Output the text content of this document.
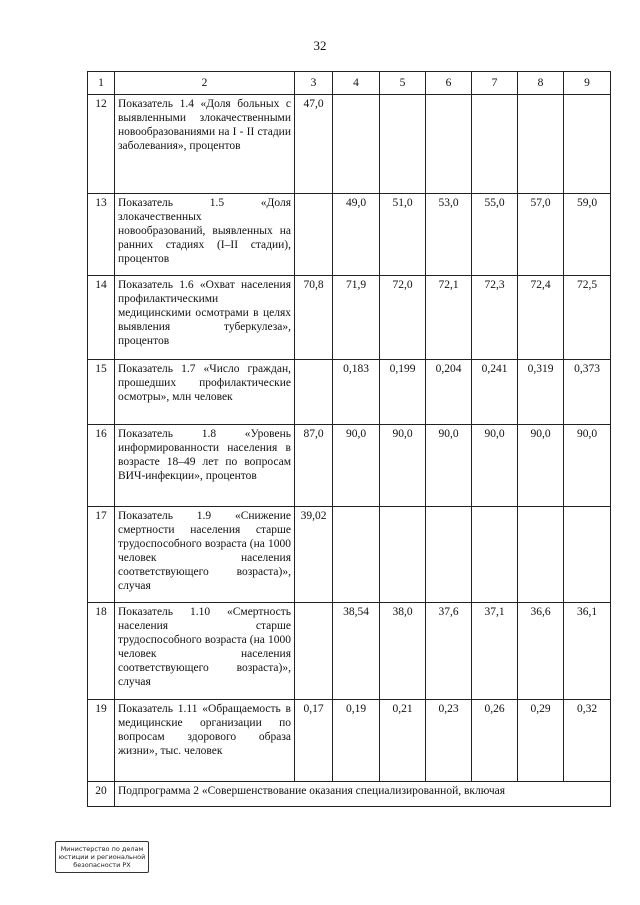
32
1	2	3	4	5	6	7	8	9
12	Показатель 1.4 «Доля больных с выявленными злокачественными новообразованиями на I - II стадии заболевания», процентов	47,0						
13	Показатель 1.5 «Доля злокачественных новообразований, выявленных на ранних стадиях (I–II стадии), процентов		49,0	51,0	53,0	55,0	57,0	59,0
14	Показатель 1.6 «Охват населения профилактическими медицинскими осмотрами в целях выявления туберкулеза», процентов	70,8	71,9	72,0	72,1	72,3	72,4	72,5
15	Показатель 1.7 «Число граждан, прошедших профилактические осмотры», млн человек		0,183	0,199	0,204	0,241	0,319	0,373
16	Показатель 1.8 «Уровень информированности населения в возрасте 18–49 лет по вопросам ВИЧ-инфекции», процентов	87,0	90,0	90,0	90,0	90,0	90,0	90,0
17	Показатель 1.9 «Снижение смертности населения старше трудоспособного возраста (на 1000 человек населения соответствующего возраста)», случая	39,02						
18	Показатель 1.10 «Смертность населения старше трудоспособного возраста (на 1000 человек населения соответствующего возраста)», случая		38,54	38,0	37,6	37,1	36,6	36,1
19	Показатель 1.11 «Обращаемость в медицинские организации по вопросам здорового образа жизни», тыс. человек	0,17	0,19	0,21	0,23	0,26	0,29	0,32
20	Подпрограмма 2 «Совершенствование оказания специализированной, включая							
Министерство по делам
юстиции и региональной
безопасности РХ
